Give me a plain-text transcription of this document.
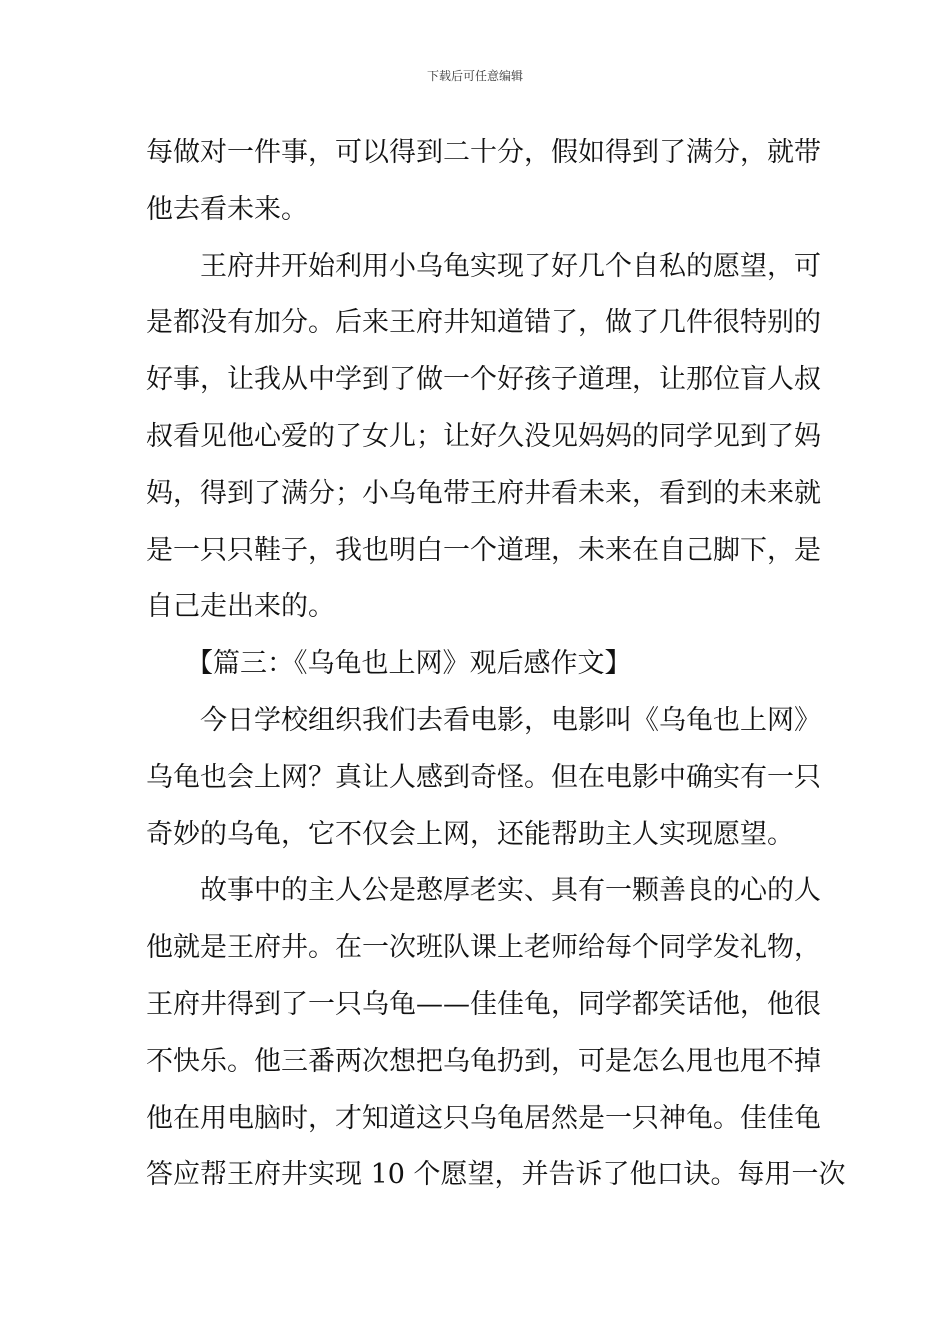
下载后可任意编辑
每做对一件事，可以得到二十分，假如得到了满分，就带
他去看未来。
王府井开始利用小乌龟实现了好几个自私的愿望，可
是都没有加分。后来王府井知道错了，做了几件很特别的
好事，让我从中学到了做一个好孩子道理，让那位盲人叔
叔看见他心爱的了女儿；让好久没见妈妈的同学见到了妈
妈，得到了满分；小乌龟带王府井看未来，看到的未来就
是一只只鞋子，我也明白一个道理，未来在自己脚下，是
自己走出来的。
【篇三：《乌龟也上网》观后感作文】
今日学校组织我们去看电影，电影叫《乌龟也上网》
乌龟也会上网？真让人感到奇怪。但在电影中确实有一只
奇妙的乌龟，它不仅会上网，还能帮助主人实现愿望。
故事中的主人公是憨厚老实、具有一颗善良的心的人
他就是王府井。在一次班队课上老师给每个同学发礼物，
王府井得到了一只乌龟——佳佳龟，同学都笑话他，他很
不快乐。他三番两次想把乌龟扔到，可是怎么甩也甩不掉
他在用电脑时，才知道这只乌龟居然是一只神龟。佳佳龟
答应帮王府井实现 10 个愿望，并告诉了他口诀。每用一次
